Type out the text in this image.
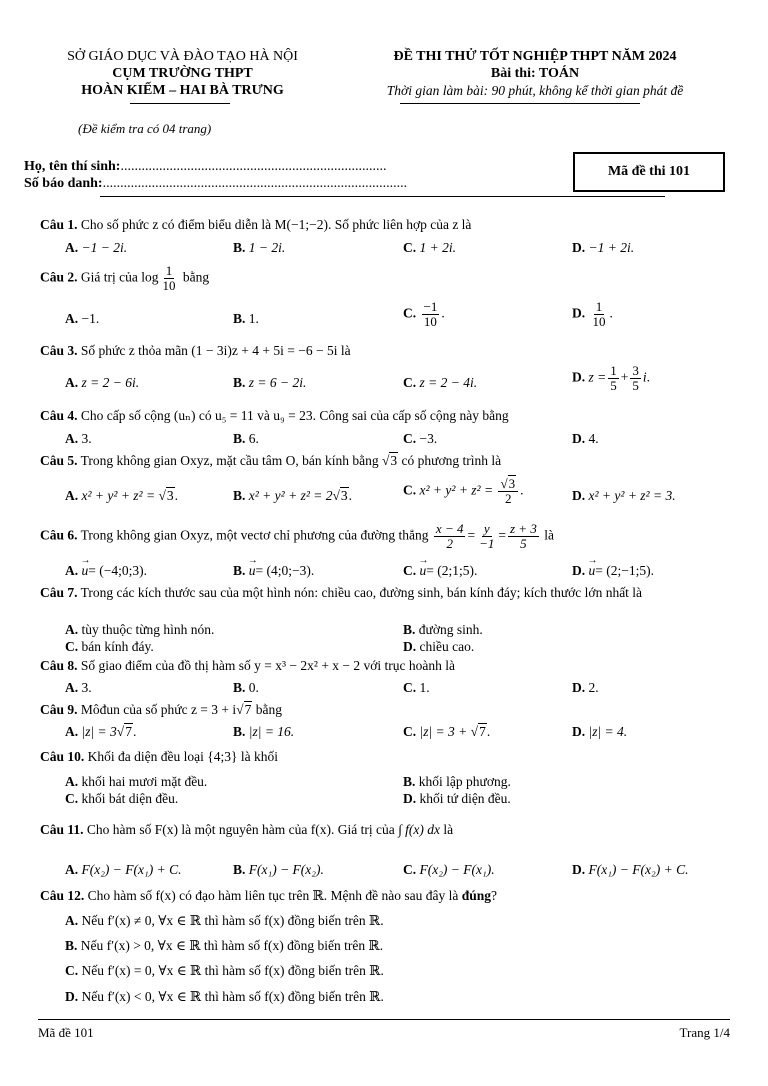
SỞ GIÁO DỤC VÀ ĐÀO TẠO HÀ NỘI
CỤM TRƯỜNG THPT
HOÀN KIẾM – HAI BÀ TRƯNG
ĐỀ THI THỬ TỐT NGHIỆP THPT NĂM 2024
Bài thi: TOÁN
Thời gian làm bài: 90 phút, không kể thời gian phát đề
(Đề kiểm tra có 04 trang)
Họ, tên thí sinh:............................................................................
Số báo danh:.......................................................................................
Mã đề thi 101
Câu 1. Cho số phức z có điểm biểu diễn là M(−1;−2). Số phức liên hợp của z là
A. −1 − 2i.	B. 1 − 2i.	C. 1 + 2i.	D. −1 + 2i.
Câu 2. Giá trị của $\log \frac{1}{10}$ bằng
A. −1.	B. 1.	C. $\frac{-1}{10}$ .	D. $\frac{1}{10}$ .
Câu 3. Số phức z thỏa mãn (1 − 3i)z + 4 + 5i = −6 − 5i là
A. z = 2 − 6i.	B. z = 6 − 2i.	C. z = 2 − 4i.	D. $z = \frac{1}{5} + \frac{3}{5} i$.
Câu 4. Cho cấp số cộng (uₙ) có u₅ = 11 và u₉ = 23. Công sai của cấp số cộng này bằng
A. 3.	B. 6.	C. −3.	D. 4.
Câu 5. Trong không gian Oxyz, mặt cầu tâm O, bán kính bằng √3 có phương trình là
A. x² + y² + z² = √3.	B. x² + y² + z² = 2√3.	C. $x^2 + y^2 + z^2 = \frac{√3}{2}$ .	D. x² + y² + z² = 3.
Câu 6. Trong không gian Oxyz, một vectơ chỉ phương của đường thẳng $\frac{x - 4}{2} = \frac{y}{-1} = \frac{z + 3}{5}$ là
A. → u= (−4;0;3).	B. → u= (4;0;−3).	C. → u= (2;1;5).	D. → u= (2;−1;5).
Câu 7. Trong các kích thước sau của một hình nón: chiều cao, đường sinh, bán kính đáy; kích thước lớn nhất là
A. tùy thuộc từng hình nón.	B. đường sinh.
C. bán kính đáy.	D. chiều cao.
Câu 8. Số giao điểm của đồ thị hàm số y = x³ − 2x² + x − 2 với trục hoành là
A. 3.	B. 0.	C. 1.	D. 2.
Câu 9. Môđun của số phức z = 3 + i√7 bằng
A. |z| = 3√7.	B. |z| = 16.	C. |z| = 3 + √7.	D. |z| = 4.
Câu 10. Khối đa diện đều loại {4;3} là khối
A. khối hai mươi mặt đều.	B. khối lập phương.
C. khối bát diện đều.	D. khối tứ diện đều.
Câu 11. Cho hàm số F(x) là một nguyên hàm của f(x). Giá trị của ∫ f(x) dx là
A. F(x₂) − F(x₁) + C.	B. F(x₁) − F(x₂).	C. F(x₂) − F(x₁).	D. F(x₁) − F(x₂) + C.
Câu 12. Cho hàm số f(x) có đạo hàm liên tục trên ℝ. Mệnh đề nào sau đây là đúng?
A. Nếu f′(x) ≠ 0, ∀x ∈ ℝ thì hàm số f(x) đồng biến trên ℝ.
B. Nếu f′(x) > 0, ∀x ∈ ℝ thì hàm số f(x) đồng biến trên ℝ.
C. Nếu f′(x) = 0, ∀x ∈ ℝ thì hàm số f(x) đồng biến trên ℝ.
D. Nếu f′(x) < 0, ∀x ∈ ℝ thì hàm số f(x) đồng biến trên ℝ.
Mã đề 101	Trang 1/4
